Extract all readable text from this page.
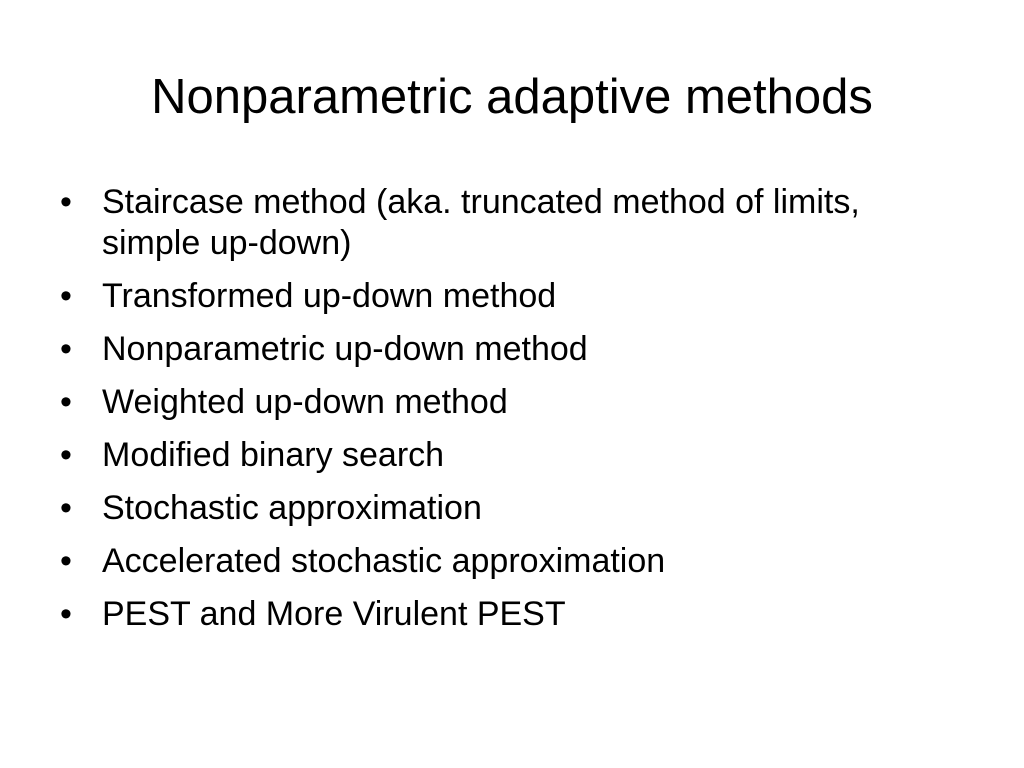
Nonparametric adaptive methods
• Staircase method (aka. truncated method of limits, simple up-down)
• Transformed up-down method
• Nonparametric up-down method
• Weighted up-down method
• Modified binary search
• Stochastic approximation
• Accelerated stochastic approximation
• PEST and More Virulent PEST
